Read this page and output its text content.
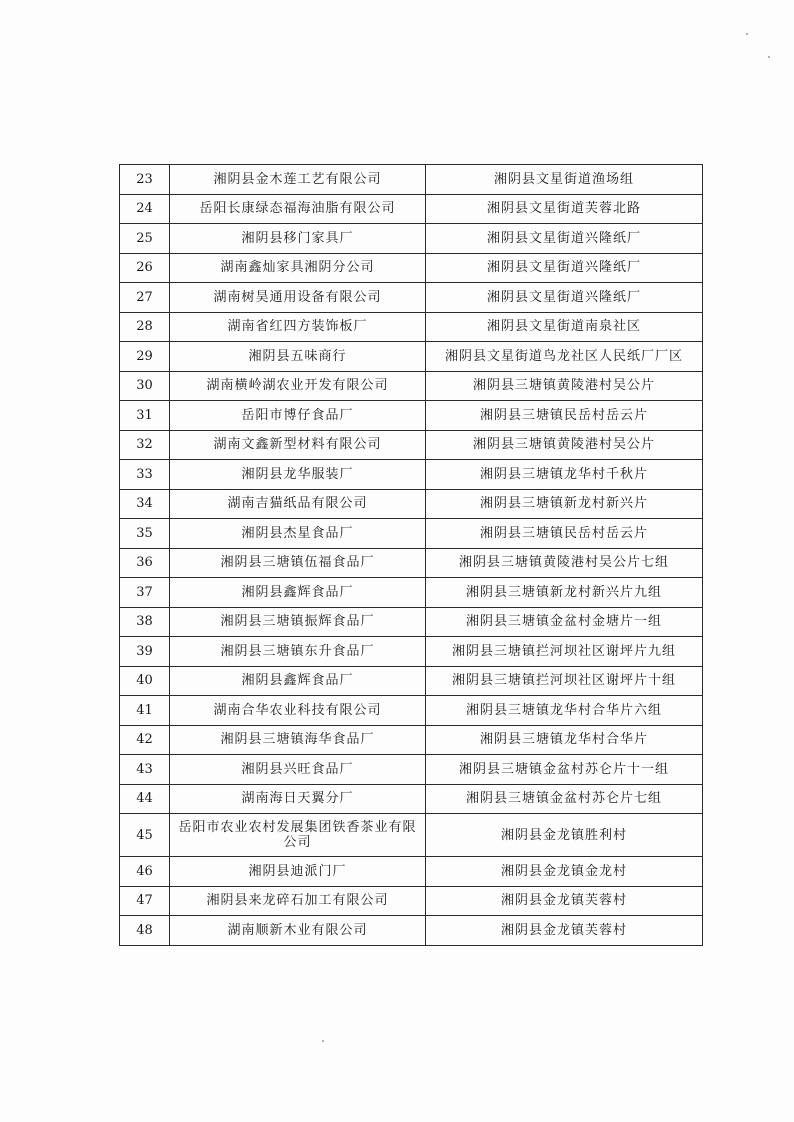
23	湘阴县金木莲工艺有限公司	湘阴县文星街道渔场组
24	岳阳长康绿态福海油脂有限公司	湘阴县文星街道芙蓉北路
25	湘阴县移门家具厂	湘阴县文星街道兴隆纸厂
26	湖南鑫灿家具湘阴分公司	湘阴县文星街道兴隆纸厂
27	湖南树昊通用设备有限公司	湘阴县文星街道兴隆纸厂
28	湖南省红四方装饰板厂	湘阴县文星街道南泉社区
29	湘阴县五味商行	湘阴县文星街道鸟龙社区人民纸厂厂区
30	湖南横岭湖农业开发有限公司	湘阴县三塘镇黄陵港村吴公片
31	岳阳市博仔食品厂	湘阴县三塘镇民岳村岳云片
32	湖南文鑫新型材料有限公司	湘阴县三塘镇黄陵港村吴公片
33	湘阴县龙华服装厂	湘阴县三塘镇龙华村千秋片
34	湖南吉猫纸品有限公司	湘阴县三塘镇新龙村新兴片
35	湘阴县杰星食品厂	湘阴县三塘镇民岳村岳云片
36	湘阴县三塘镇伍福食品厂	湘阴县三塘镇黄陵港村吴公片七组
37	湘阴县鑫辉食品厂	湘阴县三塘镇新龙村新兴片九组
38	湘阴县三塘镇振辉食品厂	湘阴县三塘镇金盆村金塘片一组
39	湘阴县三塘镇东升食品厂	湘阴县三塘镇拦河坝社区谢坪片九组
40	湘阴县鑫辉食品厂	湘阴县三塘镇拦河坝社区谢坪片十组
41	湖南合华农业科技有限公司	湘阴县三塘镇龙华村合华片六组
42	湘阴县三塘镇海华食品厂	湘阴县三塘镇龙华村合华片
43	湘阴县兴旺食品厂	湘阴县三塘镇金盆村苏仑片十一组
44	湖南海日天翼分厂	湘阴县三塘镇金盆村苏仑片七组
45	岳阳市农业农村发展集团铁香茶业有限公司	湘阴县金龙镇胜利村
46	湘阴县迪派门厂	湘阴县金龙镇金龙村
47	湘阴县来龙碎石加工有限公司	湘阴县金龙镇芙蓉村
48	湖南顺新木业有限公司	湘阴县金龙镇芙蓉村
